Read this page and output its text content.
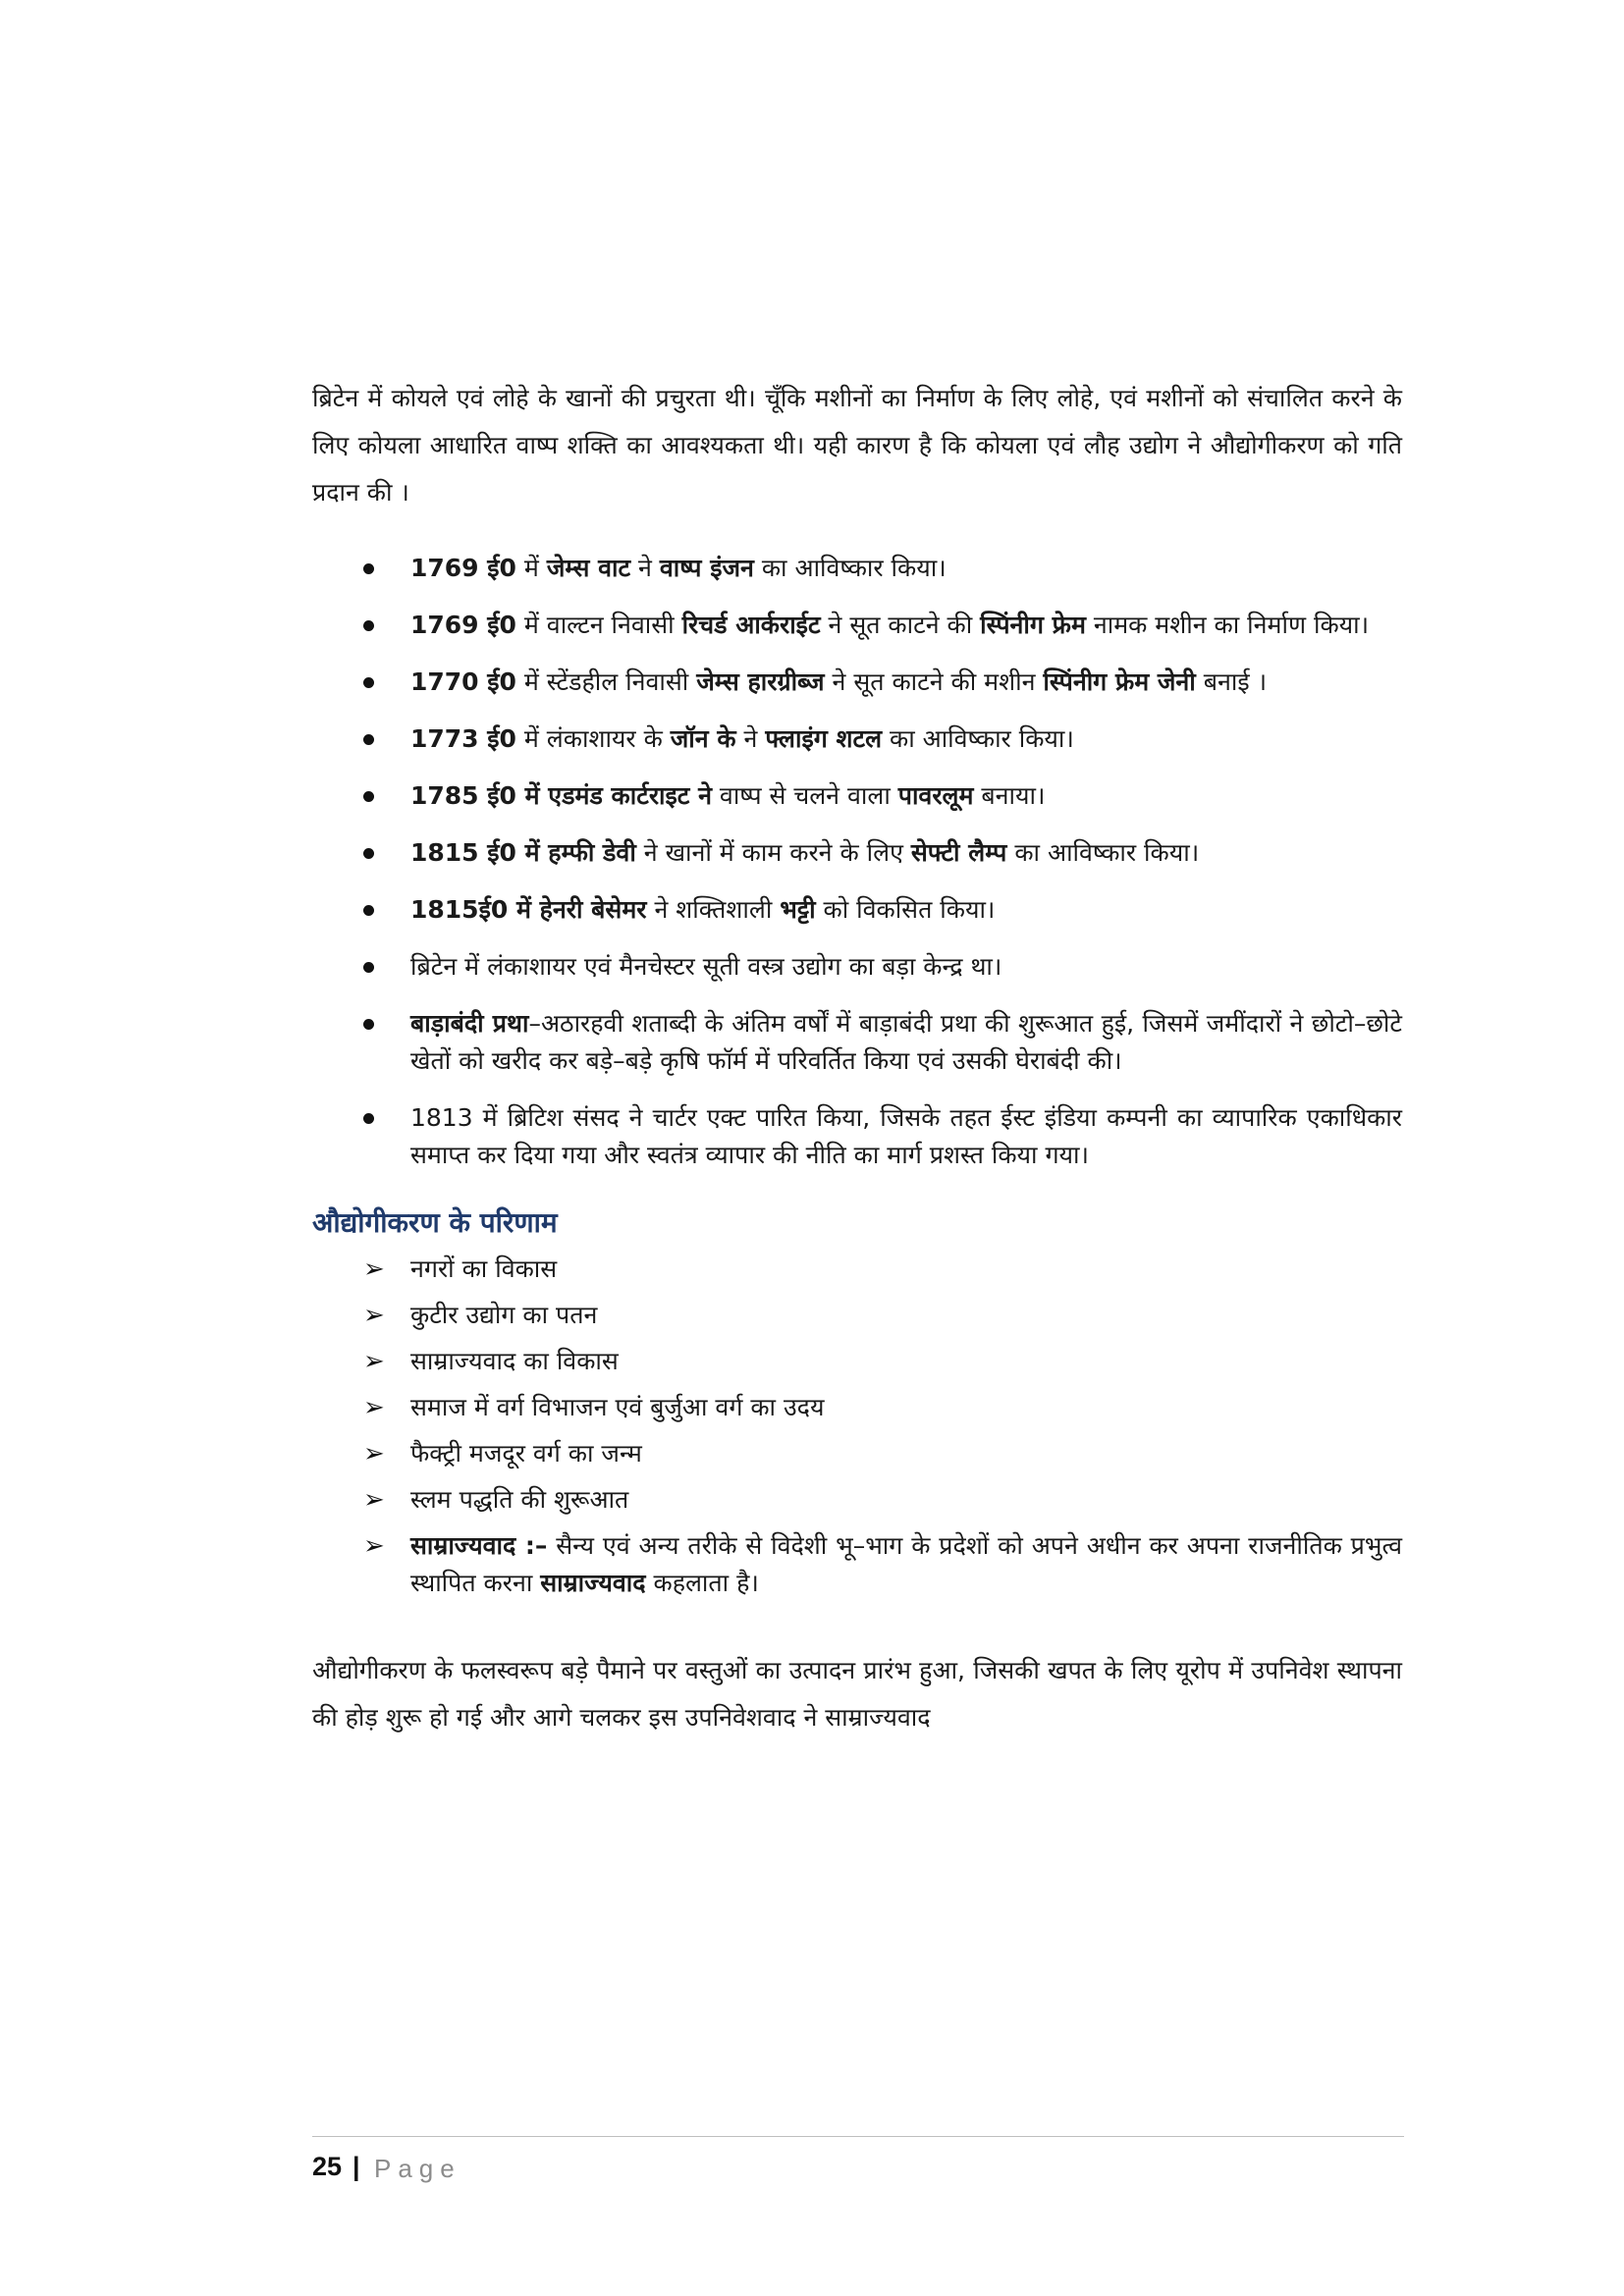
ब्रिटेन में कोयले एवं लोहे के खानों की प्रचुरता थी। चूँकि मशीनों का निर्माण के लिए लोहे, एवं मशीनों को संचालित करने के लिए कोयला आधारित वाष्प शक्ति का आवश्यकता थी। यही कारण है कि कोयला एवं लौह उद्योग ने औद्योगीकरण को गति प्रदान की ।

1769 ई0 में जेम्स वाट ने वाष्प इंजन का आविष्कार किया।
1769 ई0 में वाल्टन निवासी रिचर्ड आर्कराईट ने सूत काटने की स्पिंनीग फ्रेम नामक मशीन का निर्माण किया।
1770 ई0 में स्टेंडहील निवासी जेम्स हारग्रीब्ज ने सूत काटने की मशीन स्पिंनीग फ्रेम जेनी बनाई ।
1773 ई0 में लंकाशायर के जॉन के ने फ्लाइंग शटल का आविष्कार किया।
1785 ई0 में एडमंड कार्टराइट ने वाष्प से चलने वाला पावरलूम बनाया।
1815 ई0 में हम्फी डेवी ने खानों में काम करने के लिए सेफ्टी लैम्प का आविष्कार किया।
1815ई0 में हेनरी बेसेमर ने शक्तिशाली भट्टी को विकसित किया।
ब्रिटेन में लंकाशायर एवं मैनचेस्टर सूती वस्त्र उद्योग का बड़ा केन्द्र था।
बाड़ाबंदी प्रथा–अठारहवी शताब्दी के अंतिम वर्षों में बाड़ाबंदी प्रथा की शुरूआत हुई, जिसमें जमींदारों ने छोटो–छोटे खेतों को खरीद कर बड़े–बड़े कृषि फॉर्म में परिवर्तित किया एवं उसकी घेराबंदी की।
1813 में ब्रिटिश संसद ने चार्टर एक्ट पारित किया, जिसके तहत ईस्ट इंडिया कम्पनी का व्यापारिक एकाधिकार समाप्त कर दिया गया और स्वतंत्र व्यापार की नीति का मार्ग प्रशस्त किया गया।
औद्योगीकरण के परिणाम
➢ नगरों का विकास
➢ कुटीर उद्योग का पतन
➢ साम्राज्यवाद का विकास
➢ समाज में वर्ग विभाजन एवं बुर्जुआ वर्ग का उदय
➢ फैक्ट्री मजदूर वर्ग का जन्म
➢ स्लम पद्धति की शुरूआत
➢ साम्राज्यवाद :– सैन्य एवं अन्य तरीके से विदेशी भू–भाग के प्रदेशों को अपने अधीन कर अपना राजनीतिक प्रभुत्व स्थापित करना साम्राज्यवाद कहलाता है।

औद्योगीकरण के फलस्वरूप बड़े पैमाने पर वस्तुओं का उत्पादन प्रारंभ हुआ, जिसकी खपत के लिए यूरोप में उपनिवेश स्थापना की होड़ शुरू हो गई और आगे चलकर इस उपनिवेशवाद ने साम्राज्यवाद

25 | Page
